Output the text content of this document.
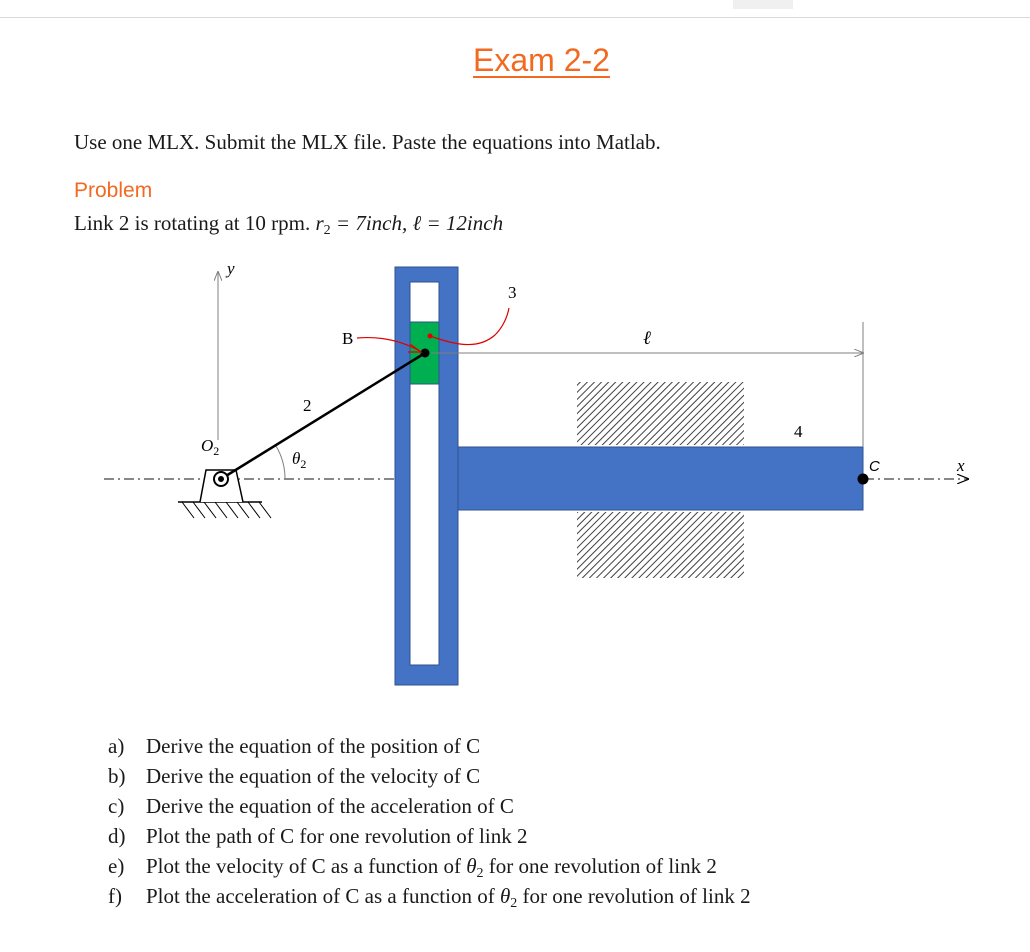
Exam 2-2
Use one MLX. Submit the MLX file. Paste the equations into Matlab.
Problem
Link 2 is rotating at 10 rpm. $r_2$ = 7inch, ℓ = 12inch
y
x
$O_2$
2
$\theta_2$
B
3
ℓ
4
C
a) Derive the equation of the position of C
b) Derive the equation of the velocity of C
c) Derive the equation of the acceleration of C
d) Plot the path of C for one revolution of link 2
e) Plot the velocity of C as a function of $\theta_2$ for one revolution of link 2
f) Plot the acceleration of C as a function of $\theta_2$ for one revolution of link 2
